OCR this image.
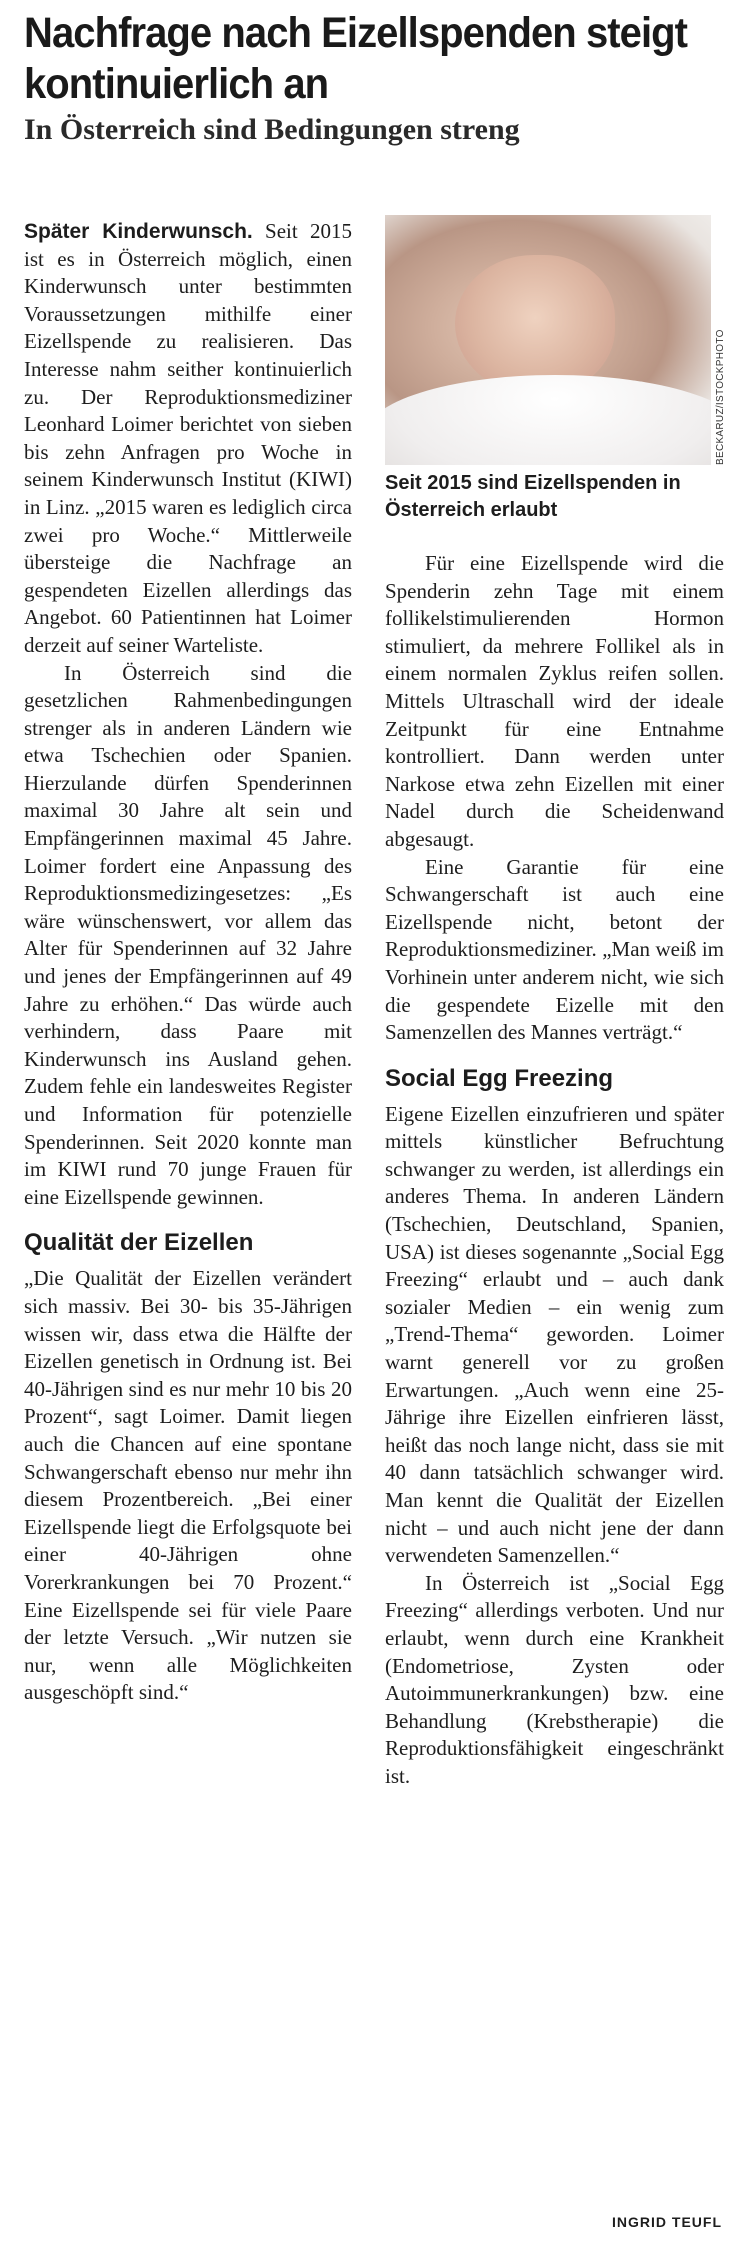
Nachfrage nach Eizellspenden steigt kontinuierlich an
In Österreich sind Bedingungen streng

Später Kinderwunsch. Seit 2015 ist es in Österreich möglich, einen Kinderwunsch unter bestimmten Voraussetzungen mithilfe einer Eizellspende zu realisieren. Das Interesse nahm seither kontinuierlich zu. Der Reproduktionsmediziner Leonhard Loimer berichtet von sieben bis zehn Anfragen pro Woche in seinem Kinderwunsch Institut (KIWI) in Linz. „2015 waren es lediglich circa zwei pro Woche.“ Mittlerweile übersteige die Nachfrage an gespendeten Eizellen allerdings das Angebot. 60 Patientinnen hat Loimer derzeit auf seiner Warteliste.

In Österreich sind die gesetzlichen Rahmenbedingungen strenger als in anderen Ländern wie etwa Tschechien oder Spanien. Hierzulande dürfen Spenderinnen maximal 30 Jahre alt sein und Empfängerinnen maximal 45 Jahre. Loimer fordert eine Anpassung des Reproduktionsmedizingesetzes: „Es wäre wünschenswert, vor allem das Alter für Spenderinnen auf 32 Jahre und jenes der Empfängerinnen auf 49 Jahre zu erhöhen.“ Das würde auch verhindern, dass Paare mit Kinderwunsch ins Ausland gehen. Zudem fehle ein landesweites Register und Information für potenzielle Spenderinnen. Seit 2020 konnte man im KIWI rund 70 junge Frauen für eine Eizellspende gewinnen.

Qualität der Eizellen

„Die Qualität der Eizellen verändert sich massiv. Bei 30- bis 35-Jährigen wissen wir, dass etwa die Hälfte der Eizellen genetisch in Ordnung ist. Bei 40-Jährigen sind es nur mehr 10 bis 20 Prozent“, sagt Loimer. Damit liegen auch die Chancen auf eine spontane Schwangerschaft ebenso nur mehr ihn diesem Prozentbereich. „Bei einer Eizellspende liegt die Erfolgsquote bei einer 40-Jährigen ohne Vorerkrankungen bei 70 Prozent.“ Eine Eizellspende sei für viele Paare der letzte Versuch. „Wir nutzen sie nur, wenn alle Möglichkeiten ausgeschöpft sind.“

BECKARUZ/ISTOCKPHOTO

Seit 2015 sind Eizellspenden in Österreich erlaubt

Für eine Eizellspende wird die Spenderin zehn Tage mit einem follikelstimulierenden Hormon stimuliert, da mehrere Follikel als in einem normalen Zyklus reifen sollen. Mittels Ultraschall wird der ideale Zeitpunkt für eine Entnahme kontrolliert. Dann werden unter Narkose etwa zehn Eizellen mit einer Nadel durch die Scheidenwand abgesaugt.

Eine Garantie für eine Schwangerschaft ist auch eine Eizellspende nicht, betont der Reproduktionsmediziner. „Man weiß im Vorhinein unter anderem nicht, wie sich die gespendete Eizelle mit den Samenzellen des Mannes verträgt.“

Social Egg Freezing

Eigene Eizellen einzufrieren und später mittels künstlicher Befruchtung schwanger zu werden, ist allerdings ein anderes Thema. In anderen Ländern (Tschechien, Deutschland, Spanien, USA) ist dieses sogenannte „Social Egg Freezing“ erlaubt und – auch dank sozialer Medien – ein wenig zum „Trend-Thema“ geworden. Loimer warnt generell vor zu großen Erwartungen. „Auch wenn eine 25-Jährige ihre Eizellen einfrieren lässt, heißt das noch lange nicht, dass sie mit 40 dann tatsächlich schwanger wird. Man kennt die Qualität der Eizellen nicht – und auch nicht jene der dann verwendeten Samenzellen.“

In Österreich ist „Social Egg Freezing“ allerdings verboten. Und nur erlaubt, wenn durch eine Krankheit (Endometriose, Zysten oder Autoimmunerkrankungen) bzw. eine Behandlung (Krebstherapie) die Reproduktionsfähigkeit eingeschränkt ist.

INGRID TEUFL
